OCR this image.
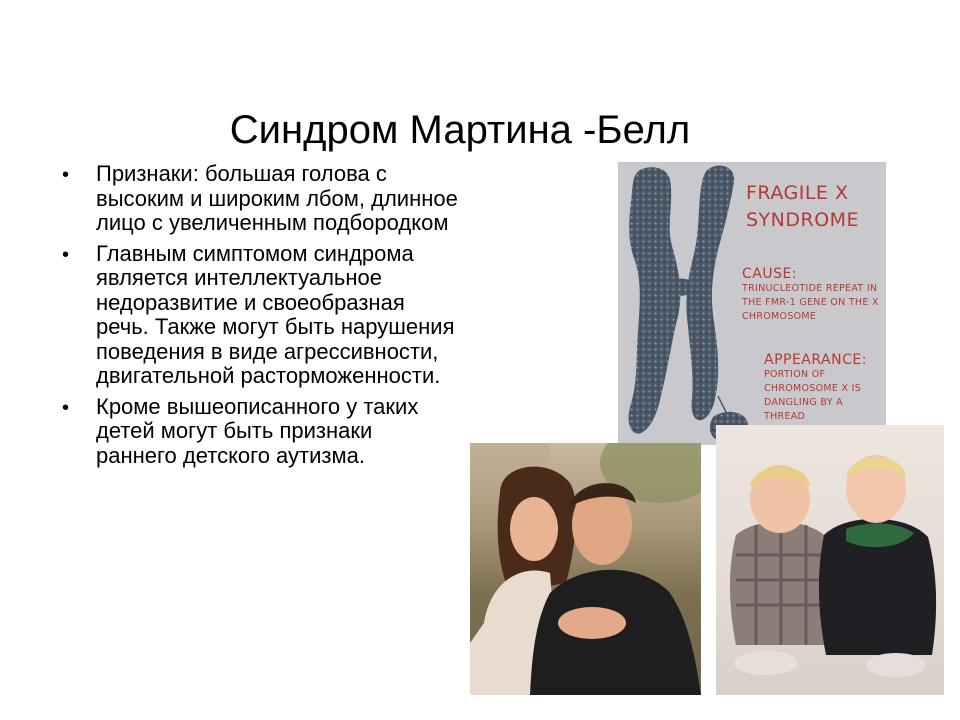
Синдром Мартина -Белл
• Признаки: большая голова с высоким и широким лбом, длинное лицо с увеличенным подбородком
• Главным симптомом синдрома является интеллектуальное недоразвитие и своеобразная речь. Также могут быть нарушения поведения в виде агрессивности, двигательной расторможенности.
• Кроме вышеописанного у таких детей могут быть признаки раннего детского аутизма.
FRAGILE X
SYNDROME
CAUSE:
TRINUCLEOTIDE REPEAT IN THE FMR-1 GENE ON THE X CHROMOSOME
APPEARANCE:
PORTION OF CHROMOSOME X IS DANGLING BY A THREAD
